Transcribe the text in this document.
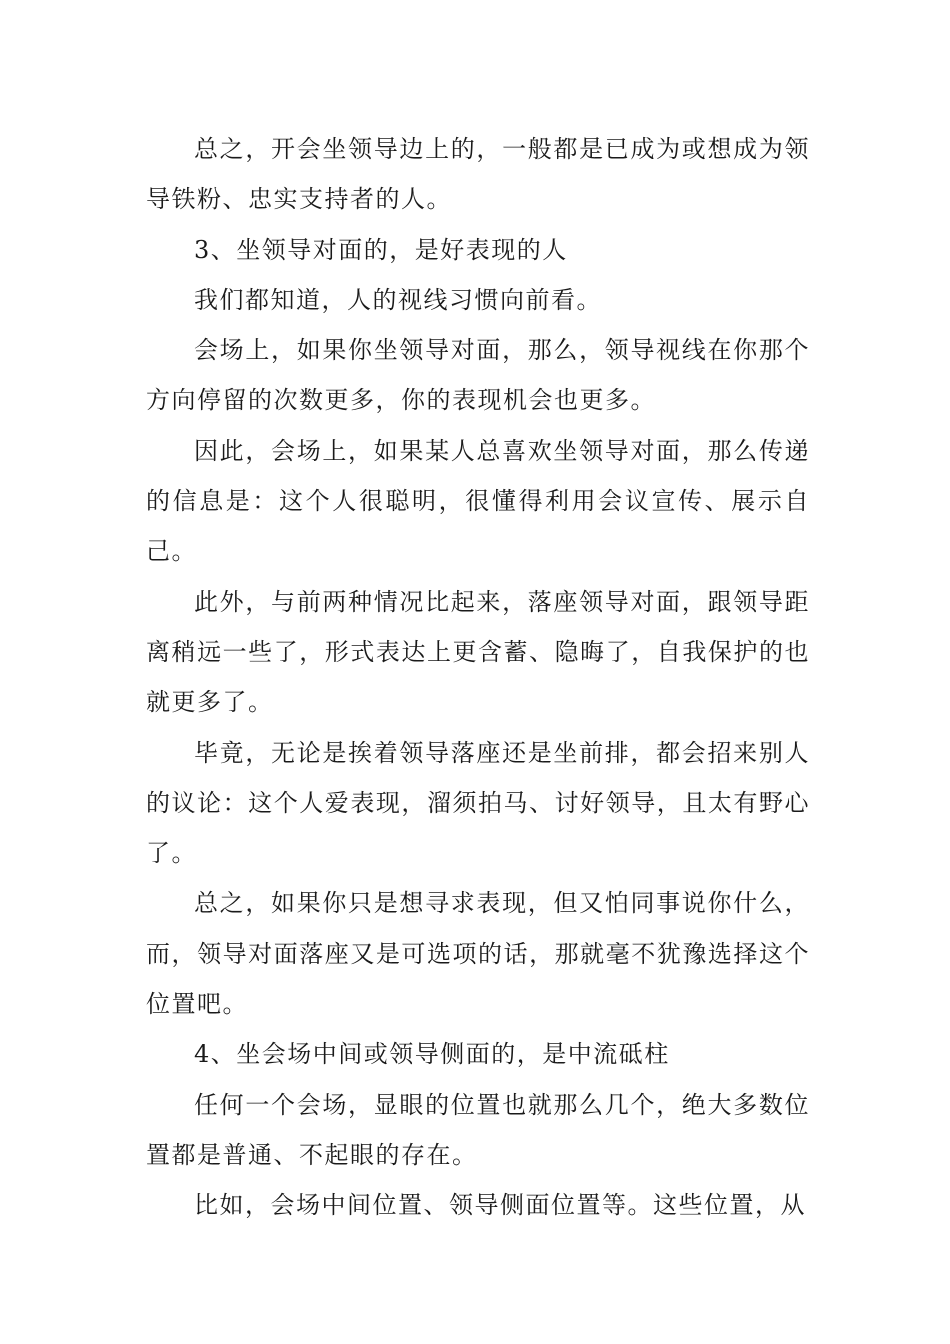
总之，开会坐领导边上的，一般都是已成为或想成为领导铁粉、忠实支持者的人。

3、坐领导对面的，是好表现的人

我们都知道，人的视线习惯向前看。

会场上，如果你坐领导对面，那么，领导视线在你那个方向停留的次数更多，你的表现机会也更多。

因此，会场上，如果某人总喜欢坐领导对面，那么传递的信息是：这个人很聪明，很懂得利用会议宣传、展示自己。

此外，与前两种情况比起来，落座领导对面，跟领导距离稍远一些了，形式表达上更含蓄、隐晦了，自我保护的也就更多了。

毕竟，无论是挨着领导落座还是坐前排，都会招来别人的议论：这个人爱表现，溜须拍马、讨好领导，且太有野心了。

总之，如果你只是想寻求表现，但又怕同事说你什么，而，领导对面落座又是可选项的话，那就毫不犹豫选择这个位置吧。

4、坐会场中间或领导侧面的，是中流砥柱

任何一个会场，显眼的位置也就那么几个，绝大多数位置都是普通、不起眼的存在。

比如，会场中间位置、领导侧面位置等。这些位置，从
